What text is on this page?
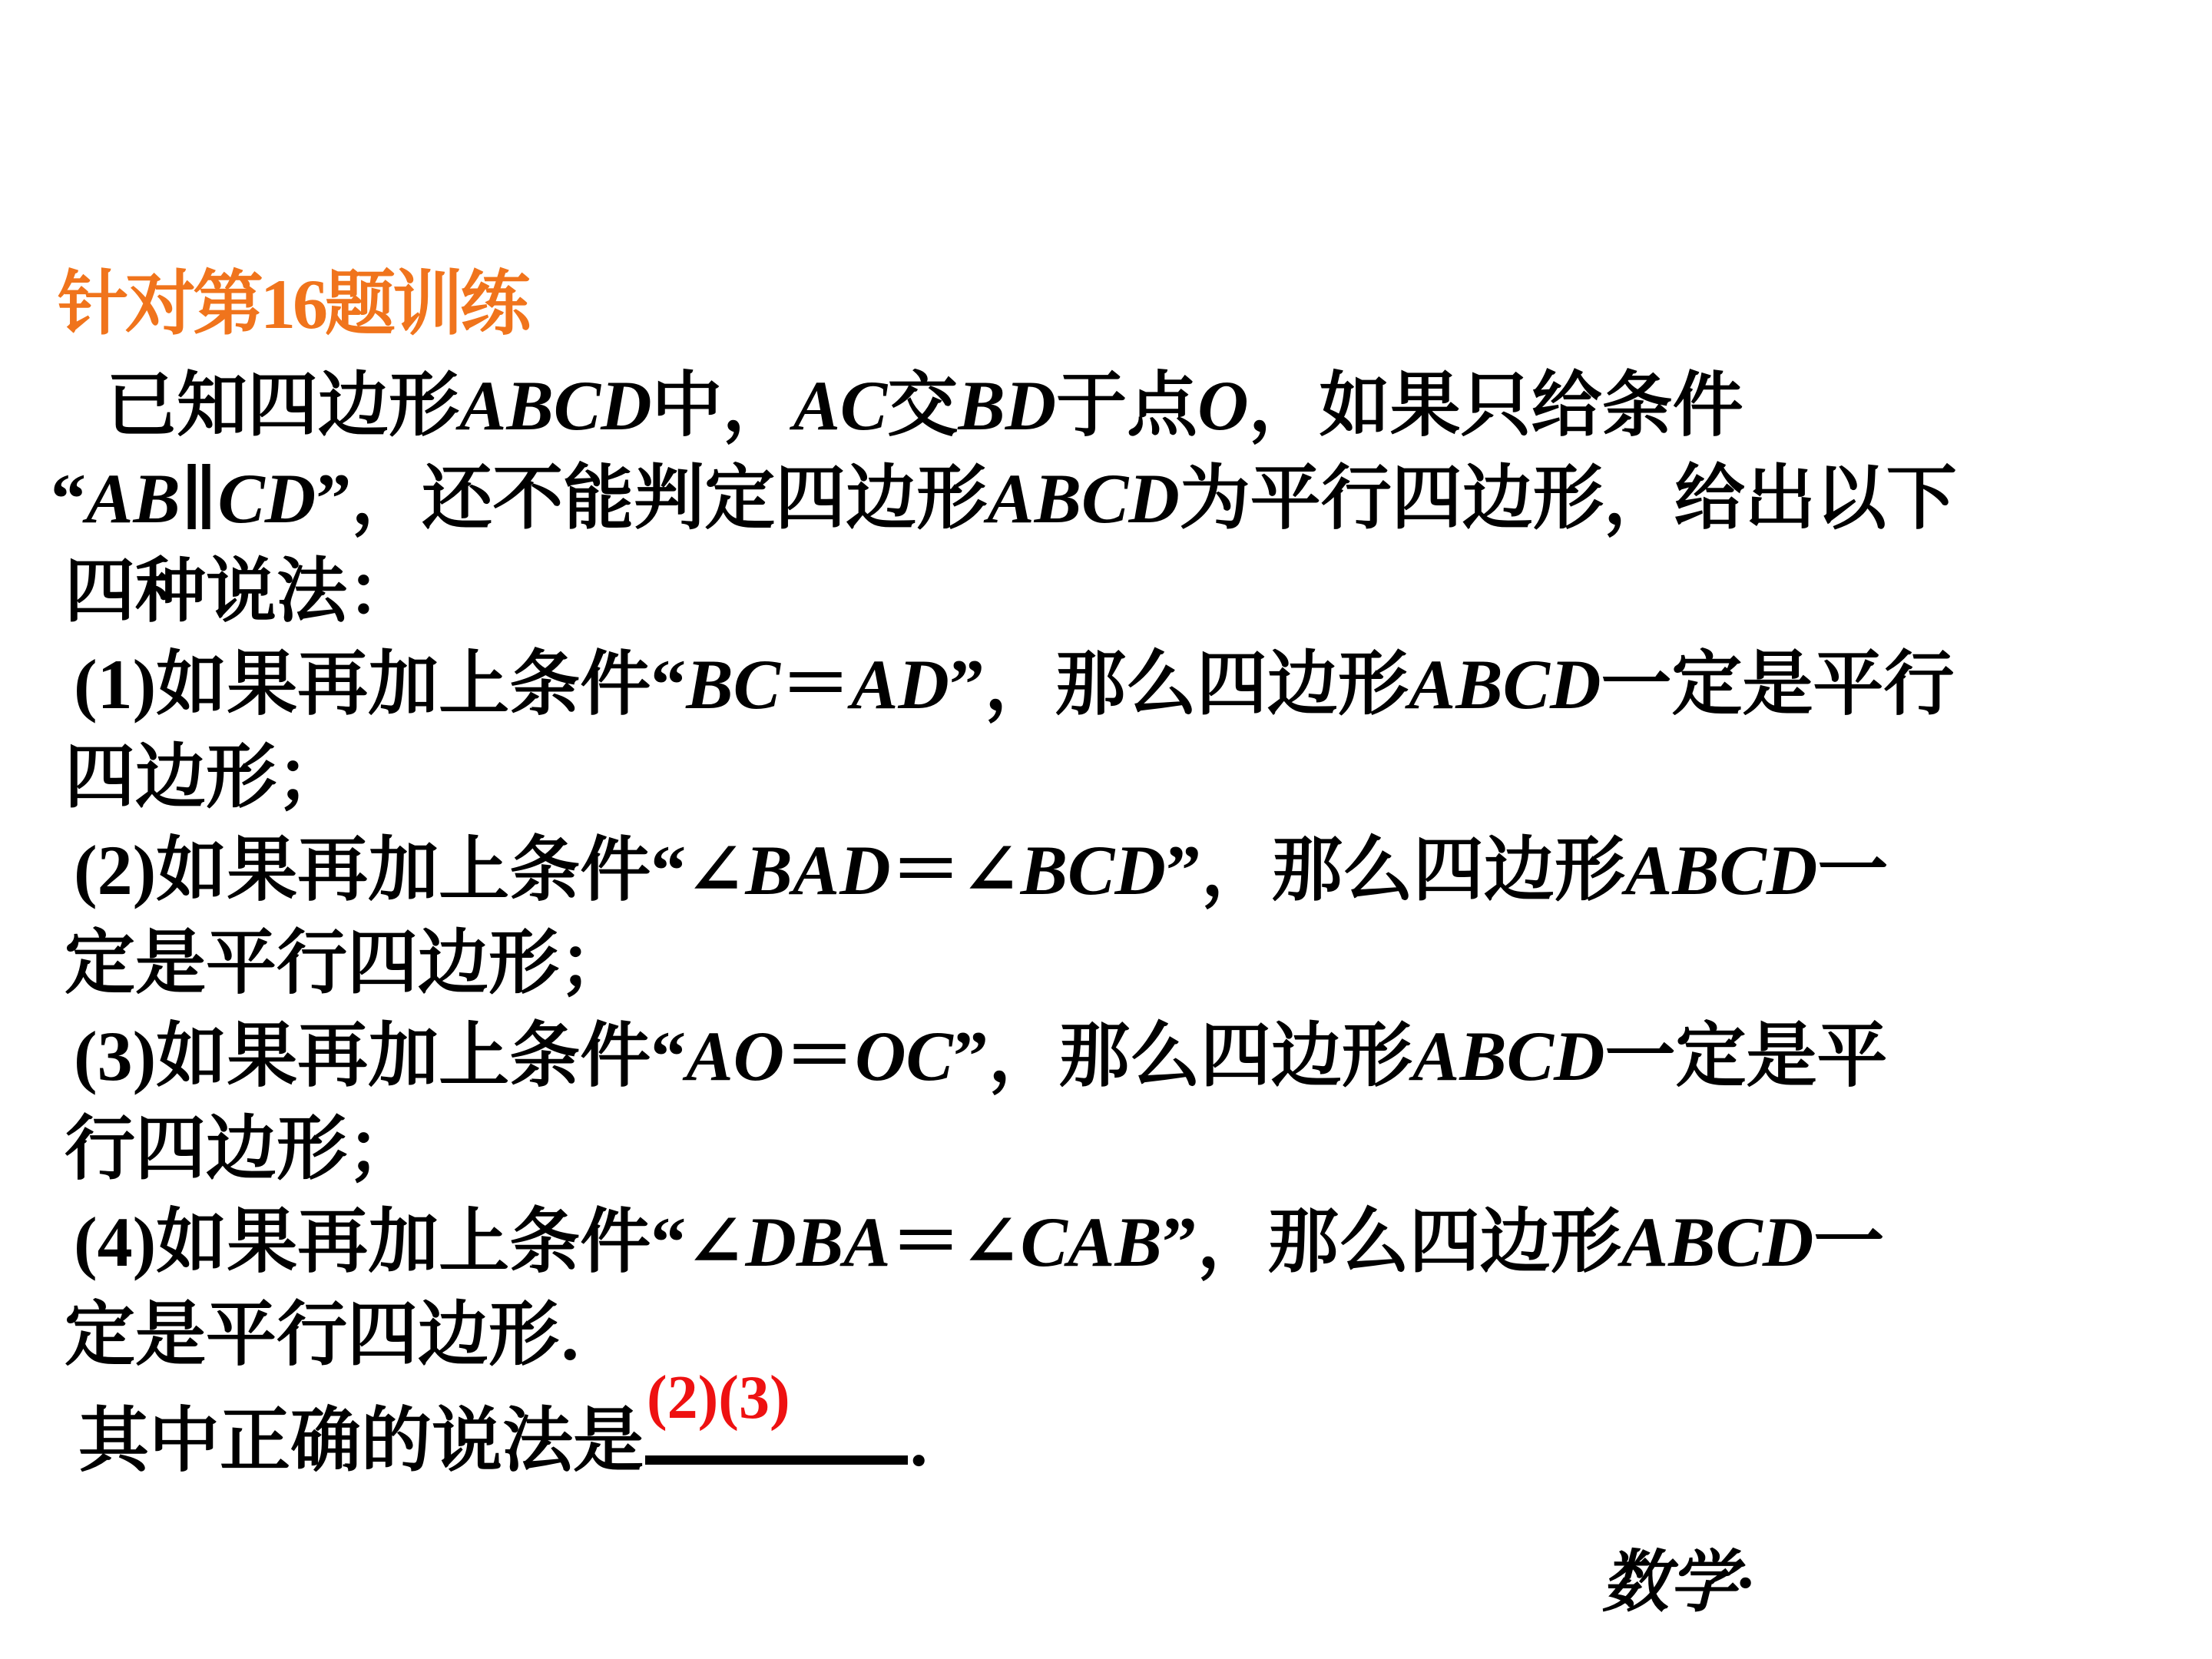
针对第16题训练
已知四边形ABCD中，AC交BD于点O，如果只给条件
“AB∥CD”，还不能判定四边形ABCD为平行四边形，给出以下
四种说法：
(1)如果再加上条件“BC＝AD”，那么四边形ABCD一定是平行
四边形；
(2)如果再加上条件“∠BAD＝∠BCD”，那么四边形ABCD一
定是平行四边形；
(3)如果再加上条件“AO＝OC”，那么四边形ABCD一定是平
行四边形；
(4)如果再加上条件“∠DBA＝∠CAB”，那么四边形ABCD一
定是平行四边形．
其中正确的说法是
(2)(3)
．
数学·
